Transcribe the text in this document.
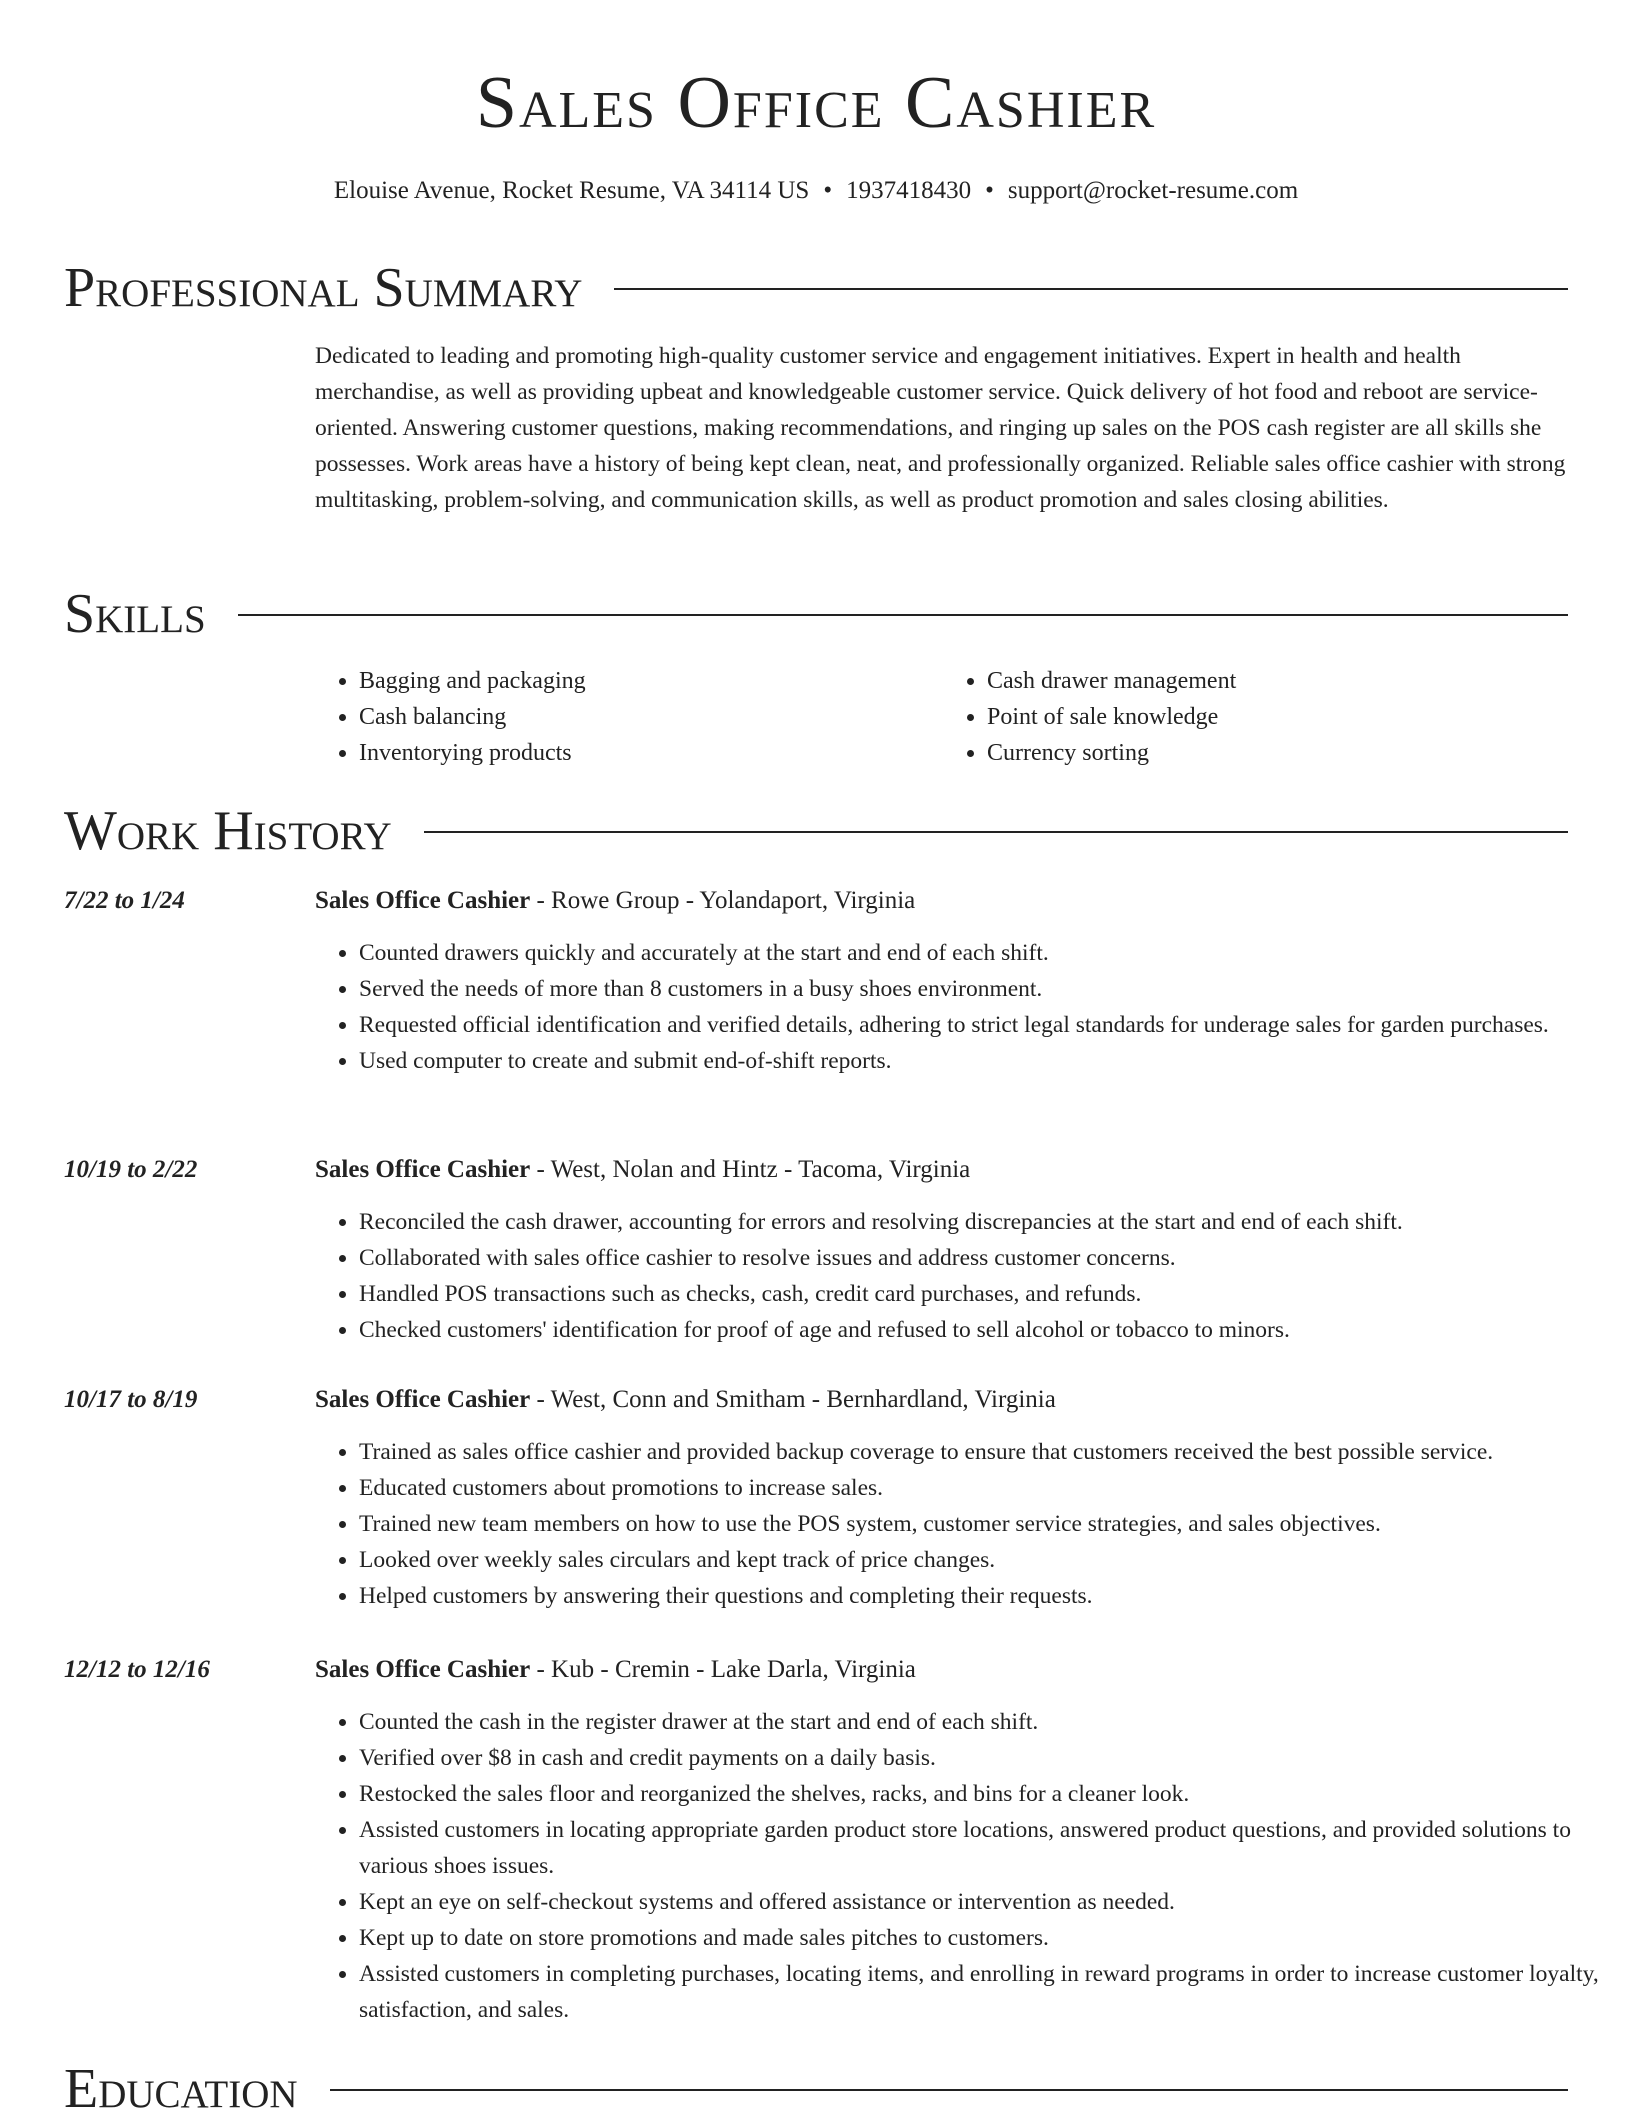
Sales Office Cashier
Elouise Avenue, Rocket Resume, VA 34114 US • 1937418430 • support@rocket-resume.com
Professional Summary

Dedicated to leading and promoting high-quality customer service and engagement initiatives. Expert in health and health merchandise, as well as providing upbeat and knowledgeable customer service. Quick delivery of hot food and reboot are service-oriented. Answering customer questions, making recommendations, and ringing up sales on the POS cash register are all skills she possesses. Work areas have a history of being kept clean, neat, and professionally organized. Reliable sales office cashier with strong multitasking, problem-solving, and communication skills, as well as product promotion and sales closing abilities.

Skills
• Bagging and packaging
• Cash balancing
• Inventorying products
• Cash drawer management
• Point of sale knowledge
• Currency sorting
Work History
7/22 to 1/24	Sales Office Cashier - Rowe Group - Yolandaport, Virginia
• Counted drawers quickly and accurately at the start and end of each shift.
• Served the needs of more than 8 customers in a busy shoes environment.
• Requested official identification and verified details, adhering to strict legal standards for underage sales for garden purchases.
• Used computer to create and submit end-of-shift reports.
10/19 to 2/22	Sales Office Cashier - West, Nolan and Hintz - Tacoma, Virginia
• Reconciled the cash drawer, accounting for errors and resolving discrepancies at the start and end of each shift.
• Collaborated with sales office cashier to resolve issues and address customer concerns.
• Handled POS transactions such as checks, cash, credit card purchases, and refunds.
• Checked customers' identification for proof of age and refused to sell alcohol or tobacco to minors.
10/17 to 8/19	Sales Office Cashier - West, Conn and Smitham - Bernhardland, Virginia
• Trained as sales office cashier and provided backup coverage to ensure that customers received the best possible service.
• Educated customers about promotions to increase sales.
• Trained new team members on how to use the POS system, customer service strategies, and sales objectives.
• Looked over weekly sales circulars and kept track of price changes.
• Helped customers by answering their questions and completing their requests.
12/12 to 12/16	Sales Office Cashier - Kub - Cremin - Lake Darla, Virginia
• Counted the cash in the register drawer at the start and end of each shift.
• Verified over $8 in cash and credit payments on a daily basis.
• Restocked the sales floor and reorganized the shelves, racks, and bins for a cleaner look.
• Assisted customers in locating appropriate garden product store locations, answered product questions, and provided solutions to various shoes issues.
• Kept an eye on self-checkout systems and offered assistance or intervention as needed.
• Kept up to date on store promotions and made sales pitches to customers.
• Assisted customers in completing purchases, locating items, and enrolling in reward programs in order to increase customer loyalty, satisfaction, and sales.
Education
